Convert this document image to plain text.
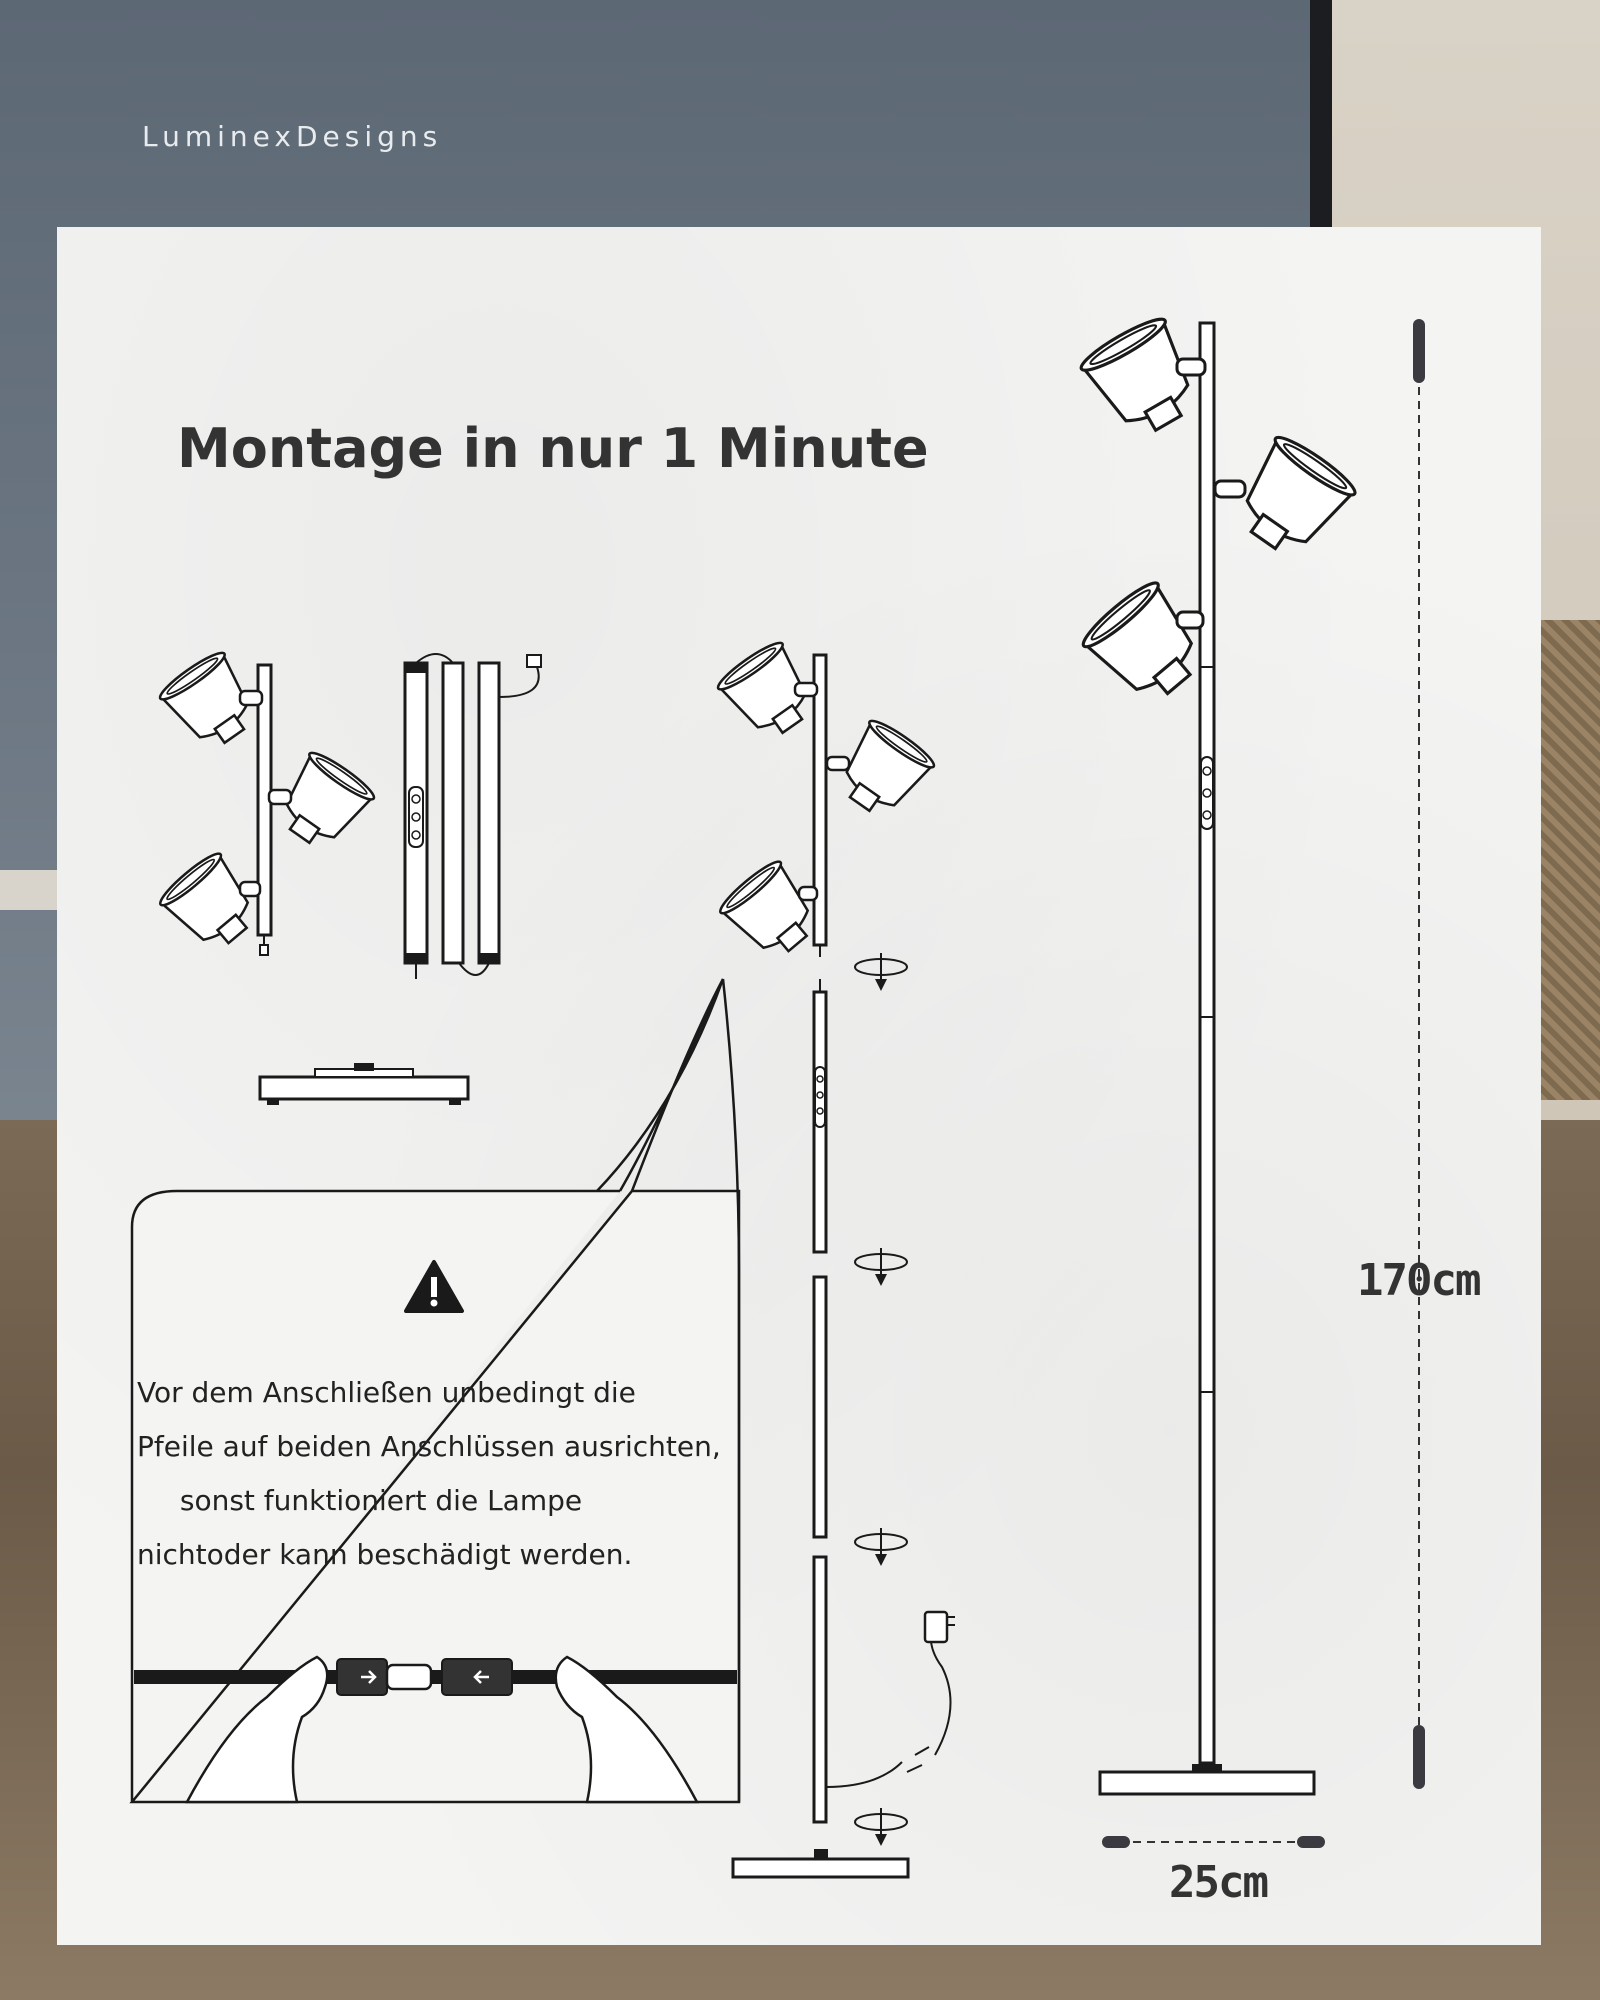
LuminexDesigns
Montage in nur 1 Minute
Vor dem Anschließen unbedingt die
Pfeile auf beiden Anschlüssen ausrichten,
sonst funktioniert die Lampe
nichtoder kann beschädigt werden.
170cm
25cm
